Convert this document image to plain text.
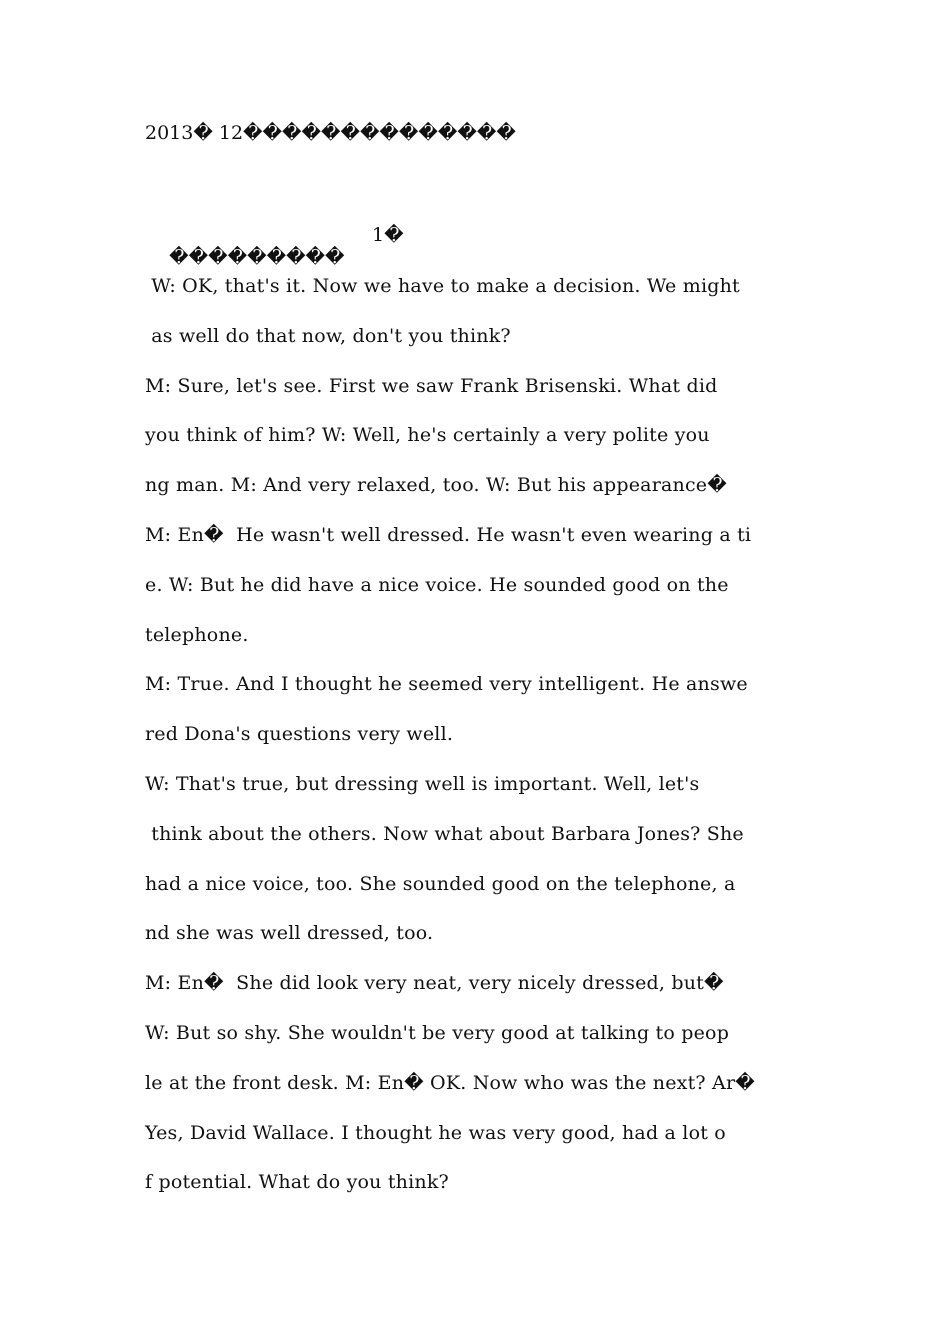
2013� 12��������������

���������

1�

W: OK, that's it. Now we have to make a decision. We might
as well do that now, don't you think?
M: Sure, let's see. First we saw Frank Brisenski. What did
you think of him? W: Well, he's certainly a very polite you
ng man. M: And very relaxed, too. W: But his appearance�
M: En�  He wasn't well dressed. He wasn't even wearing a ti
e. W: But he did have a nice voice. He sounded good on the
telephone.
M: True. And I thought he seemed very intelligent. He answe
red Dona's questions very well.
W: That's true, but dressing well is important. Well, let's
think about the others. Now what about Barbara Jones? She
had a nice voice, too. She sounded good on the telephone, a
nd she was well dressed, too.
M: En�  She did look very neat, very nicely dressed, but�
W: But so shy. She wouldn't be very good at talking to peop
le at the front desk. M: En� OK. Now who was the next? Ar�
Yes, David Wallace. I thought he was very good, had a lot o
f potential. What do you think?
